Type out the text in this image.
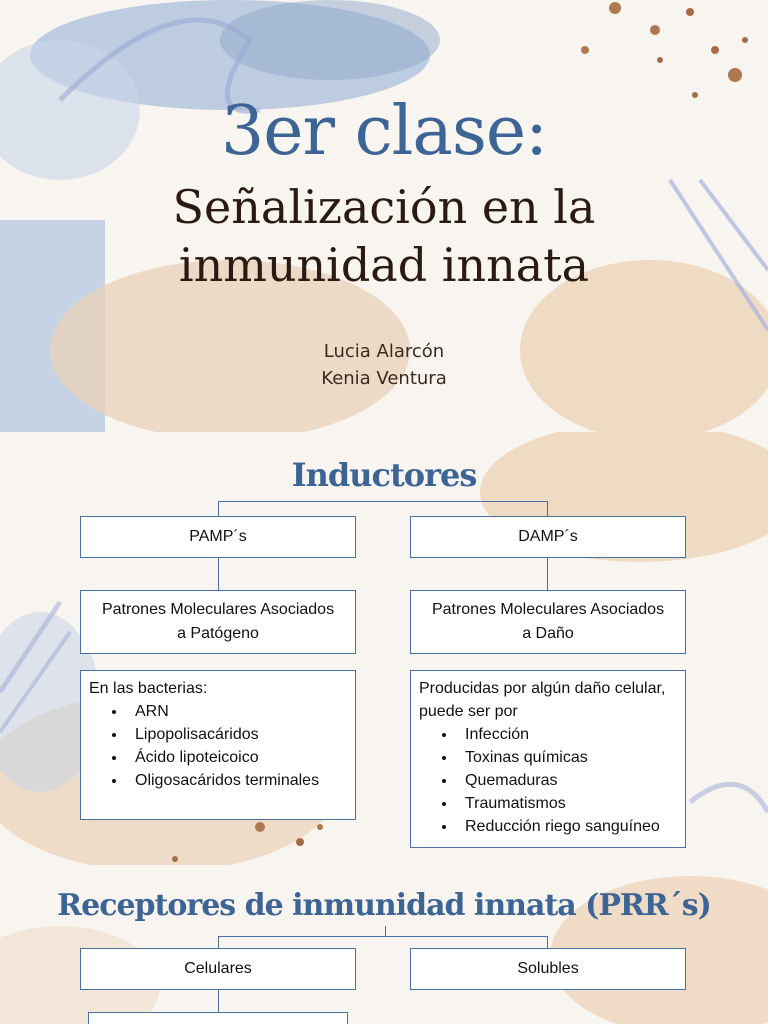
3er clase:
Señalización en la
inmunidad innata
Lucia Alarcón
Kenia Ventura
Inductores
PAMP´s	DAMP´s
Patrones Moleculares Asociados a Patógeno
Patrones Moleculares Asociados a Daño
En las bacterias:
• ARN
• Lipopolisacáridos
• Ácido lipoteicoico
• Oligosacáridos terminales
Producidas por algún daño celular, puede ser por
• Infección
• Toxinas químicas
• Quemaduras
• Traumatismos
• Reducción riego sanguíneo
Receptores de inmunidad innata (PRR´s)
Celulares	Solubles
